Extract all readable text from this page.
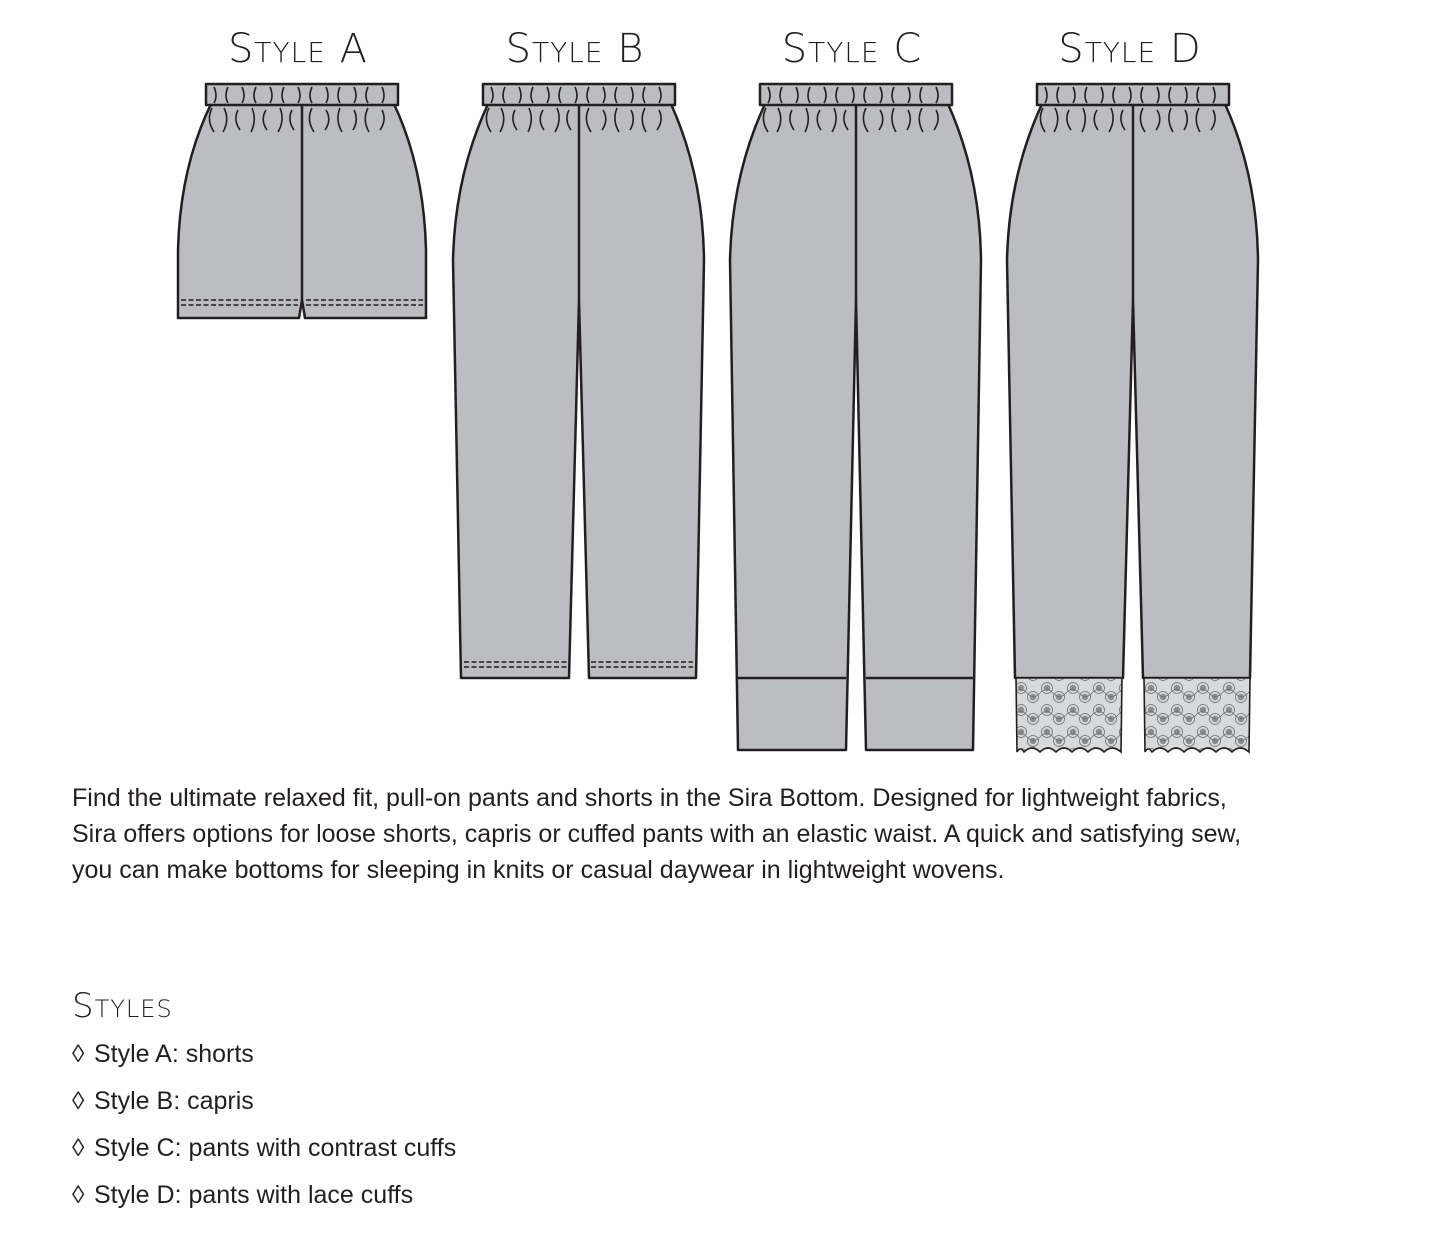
Style A	Style B	Style C	Style D

Find the ultimate relaxed fit, pull-on pants and shorts in the Sira Bottom. Designed for lightweight fabrics,

Sira offers options for loose shorts, capris or cuffed pants with an elastic waist. A quick and satisfying sew,

you can make bottoms for sleeping in knits or casual daywear in lightweight wovens.

Styles
◊ Style A: shorts
◊ Style B: capris
◊ Style C: pants with contrast cuffs
◊ Style D: pants with lace cuffs
